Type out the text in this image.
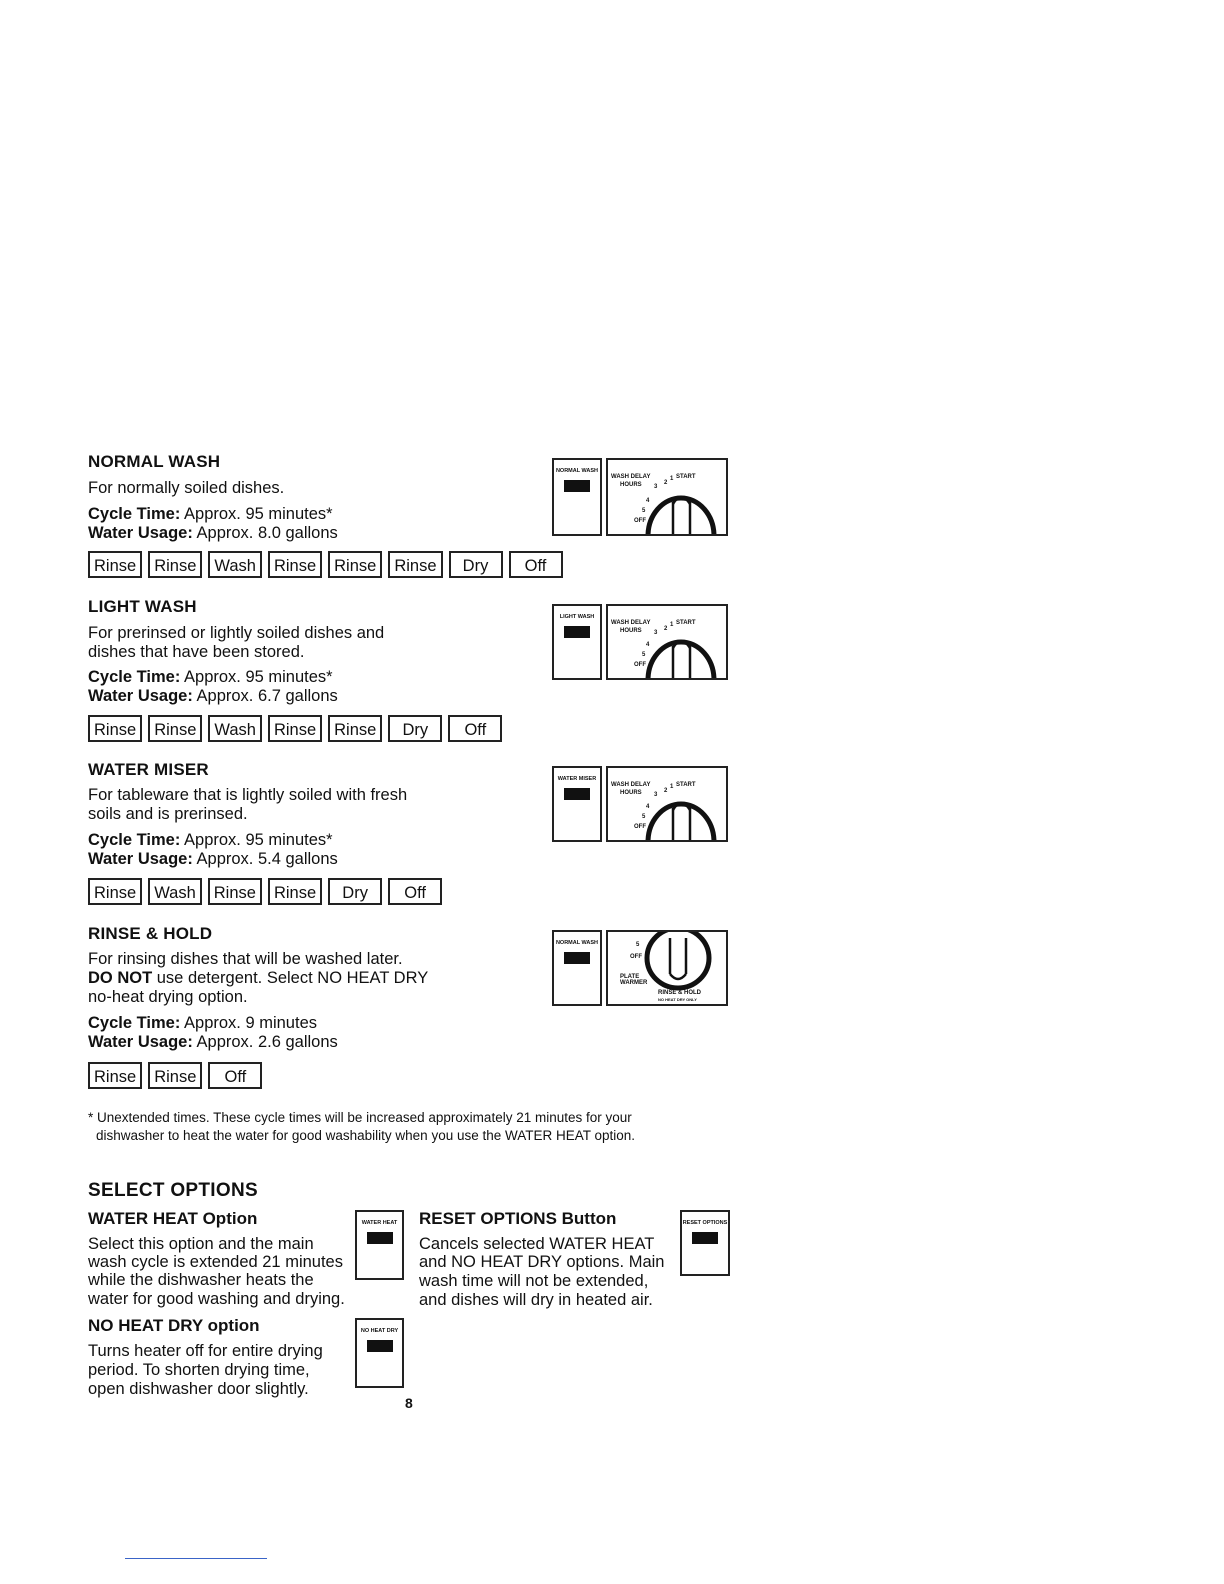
NORMAL WASH
For normally soiled dishes.
Cycle Time: Approx. 95 minutes*
Water Usage: Approx. 8.0 gallons
Rinse	Rinse	Wash	Rinse	Rinse	Rinse	Dry	Off
NORMAL WASH
WASH DELAY
HOURS 3
2
1 START
4
5
OFF
LIGHT WASH
For prerinsed or lightly soiled dishes and
dishes that have been stored.
Cycle Time: Approx. 95 minutes*
Water Usage: Approx. 6.7 gallons
Rinse	Rinse	Wash	Rinse	Rinse	Dry	Off
LIGHT WASH
WASH DELAY
HOURS 3
2
1 START
4
5
OFF
WATER MISER
For tableware that is lightly soiled with fresh
soils and is prerinsed.
Cycle Time: Approx. 95 minutes*
Water Usage: Approx. 5.4 gallons
Rinse	Wash	Rinse	Rinse	Dry	Off
WATER MISER
WASH DELAY
HOURS 3
2
1 START
4
5
OFF
RINSE & HOLD
For rinsing dishes that will be washed later.
DO NOT use detergent. Select NO HEAT DRY
no-heat drying option.
Cycle Time: Approx. 9 minutes
Water Usage: Approx. 2.6 gallons
Rinse	Rinse	Off
NORMAL WASH	5
OFF
PLATE WARMER
RINSE & HOLD
NO HEAT DRY ONLY
* Unextended times. These cycle times will be increased approximately 21 minutes for your
dishwasher to heat the water for good washability when you use the WATER HEAT option.
SELECT OPTIONS
WATER HEAT Option
Select this option and the main
wash cycle is extended 21 minutes
while the dishwasher heats the
water for good washing and drying.
WATER HEAT
NO HEAT DRY option
Turns heater off for entire drying
period. To shorten drying time,
open dishwasher door slightly.
NO HEAT DRY
RESET OPTIONS Button
Cancels selected WATER HEAT
and NO HEAT DRY options. Main
wash time will not be extended,
and dishes will dry in heated air.
RESET OPTIONS
8
